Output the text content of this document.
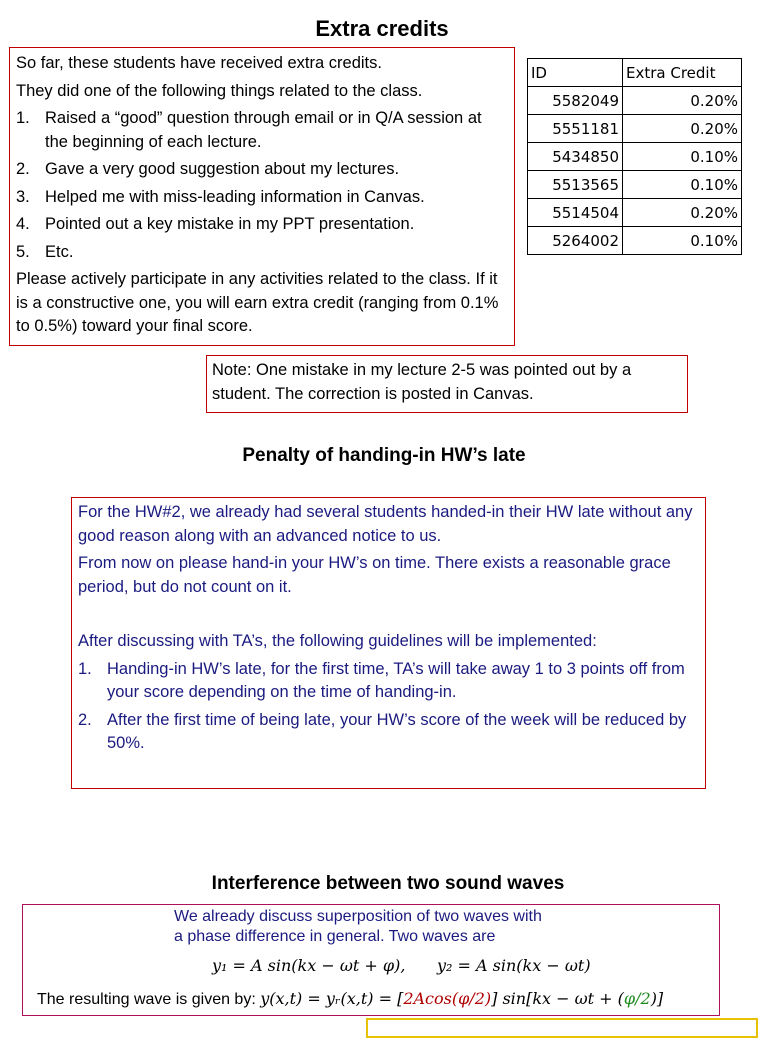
Extra credits
So far, these students have received extra credits.
They did one of the following things related to the class.
1. Raised a “good” question through email or in Q/A session at the beginning of each lecture.
2. Gave a very good suggestion about my lectures.
3. Helped me with miss-leading information in Canvas.
4. Pointed out a key mistake in my PPT presentation.
5. Etc.
Please actively participate in any activities related to the class. If it is a constructive one, you will earn extra credit (ranging from 0.1% to 0.5%) toward your final score.
ID	Extra Credit
5582049	0.20%
5551181	0.20%
5434850	0.10%
5513565	0.10%
5514504	0.20%
5264002	0.10%
Note: One mistake in my lecture 2-5 was pointed out by a student. The correction is posted in Canvas.
Penalty of handing-in HW’s late
For the HW#2, we already had several students handed-in their HW late without any good reason along with an advanced notice to us.
From now on please hand-in your HW’s on time. There exists a reasonable grace period, but do not count on it.
After discussing with TA’s, the following guidelines will be implemented:
1. Handing-in HW’s late, for the first time, TA’s will take away 1 to 3 points off from your score depending on the time of handing-in.
2. After the first time of being late, your HW’s score of the week will be reduced by 50%.
Interference between two sound waves
We already discuss superposition of two waves with
a phase difference in general. Two waves are
y₁ = A sin(kx − ωt + φ), y₂ = A sin(kx − ωt)
The resulting wave is given by: y(x,t) = yᵣ(x,t) = [2Acos(φ/2)] sin[kx − ωt + (φ/2)]
